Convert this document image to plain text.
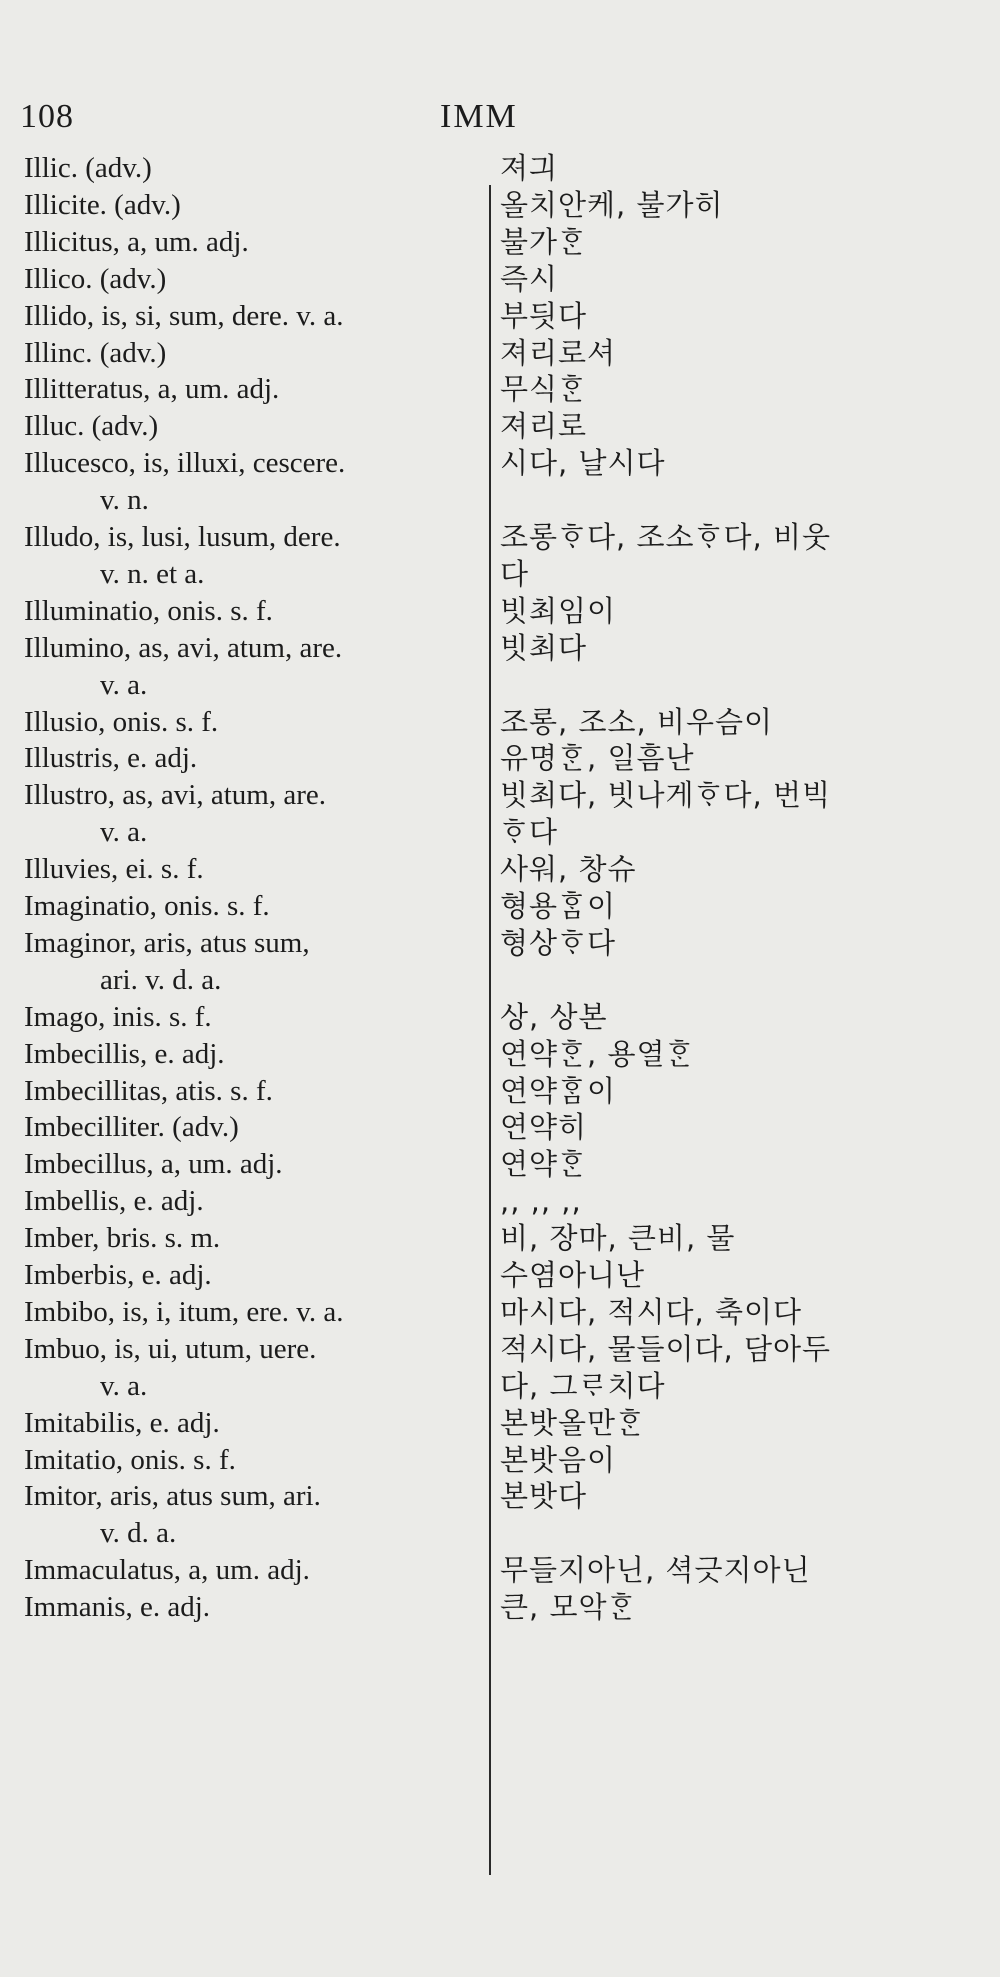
108	IMM
Illic. (adv.)	져긔
Illicite. (adv.)	올치안케, 불가히
Illicitus, a, um. adj.	불가ᄒᆞᆫ
Illico. (adv.)	즉시
Illido, is, si, sum, dere. v. a.	부딋다
Illinc. (adv.)	져리로셔
Illitteratus, a, um. adj.	무식ᄒᆞᆫ
Illuc. (adv.)	져리로
Illucesco, is, illuxi, cescere.	시다, 날시다
v. n.
Illudo, is, lusi, lusum, dere.	조롱ᄒᆞ다, 조소ᄒᆞ다, 비웃
v. n. et a.	다
Illuminatio, onis. s. f.	빗최임이
Illumino, as, avi, atum, are.	빗최다
v. a.
Illusio, onis. s. f.	조롱, 조소, 비우슴이
Illustris, e. adj.	유명ᄒᆞᆫ, 일흠난
Illustro, as, avi, atum, are.	빗최다, 빗나게ᄒᆞ다, 번빅
v. a.	ᄒᆞ다
Illuvies, ei. s. f.	사워, 창슈
Imaginatio, onis. s. f.	형용ᄒᆞᆷ이
Imaginor, aris, atus sum,	형상ᄒᆞ다
ari. v. d. a.
Imago, inis. s. f.	상, 상본
Imbecillis, e. adj.	연약ᄒᆞᆫ, 용열ᄒᆞᆫ
Imbecillitas, atis. s. f.	연약ᄒᆞᆷ이
Imbecilliter. (adv.)	연약히
Imbecillus, a, um. adj.	연약ᄒᆞᆫ
Imbellis, e. adj.	,, ,, ,,
Imber, bris. s. m.	비, 장마, 큰비, 물
Imberbis, e. adj.	수염아니난
Imbibo, is, i, itum, ere. v. a.	마시다, 적시다, 축이다
Imbuo, is, ui, utum, uere.	적시다, 물들이다, 담아두
v. a.	다, 그ᄅᆞ치다
Imitabilis, e. adj.	본밧올만ᄒᆞᆫ
Imitatio, onis. s. f.	본밧음이
Imitor, aris, atus sum, ari.	본밧다
v. d. a.
Immaculatus, a, um. adj.	무들지아닌, 셕긋지아닌
Immanis, e. adj.	큰, 모악ᄒᆞᆫ
